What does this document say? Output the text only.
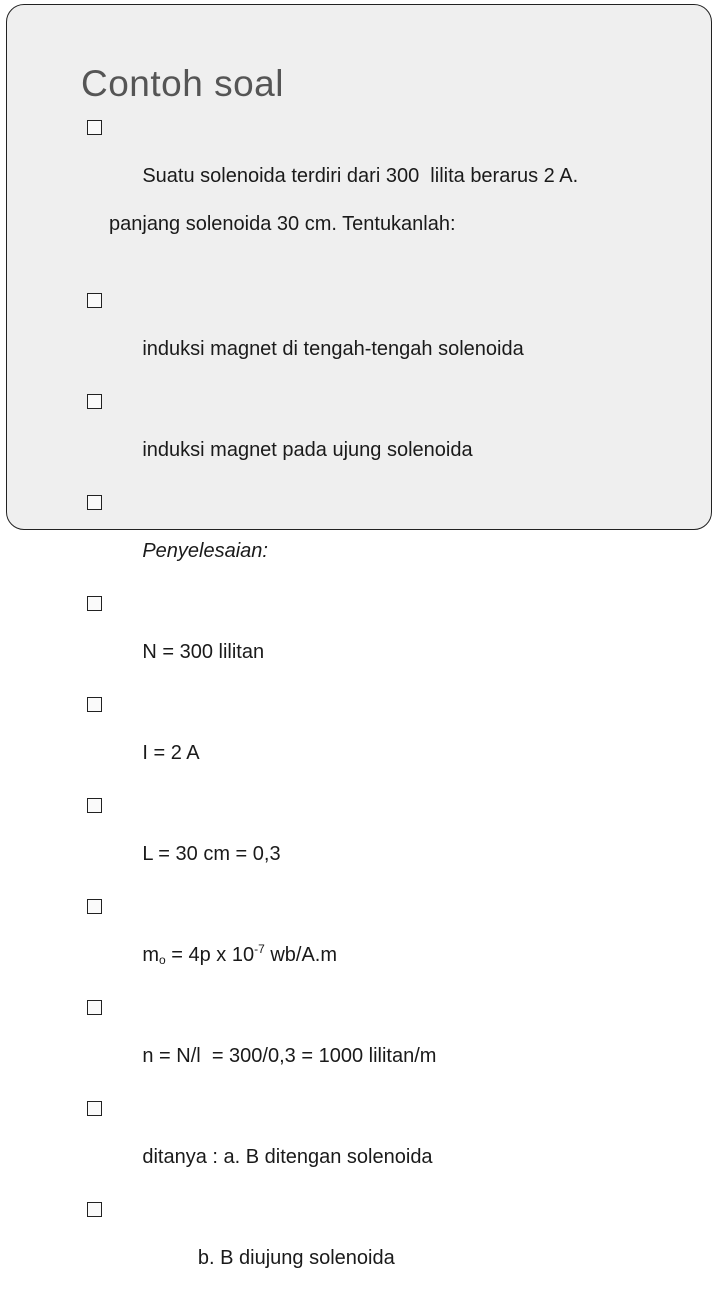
Contoh soal

Suatu solenoida terdiri dari 300  lilita berarus 2 A.

panjang solenoida 30 cm. Tentukanlah:

induksi magnet di tengah-tengah solenoida

induksi magnet pada ujung solenoida

Penyelesaian:

N = 300 lilitan

I = 2 A

L = 30 cm = 0,3

$m_o = 4p$ x $10^{-7}$ wb/A.m

n = N/l  = 300/0,3 = 1000 lilitan/m

ditanya : a. B ditengan solenoida

b. B diujung solenoida
